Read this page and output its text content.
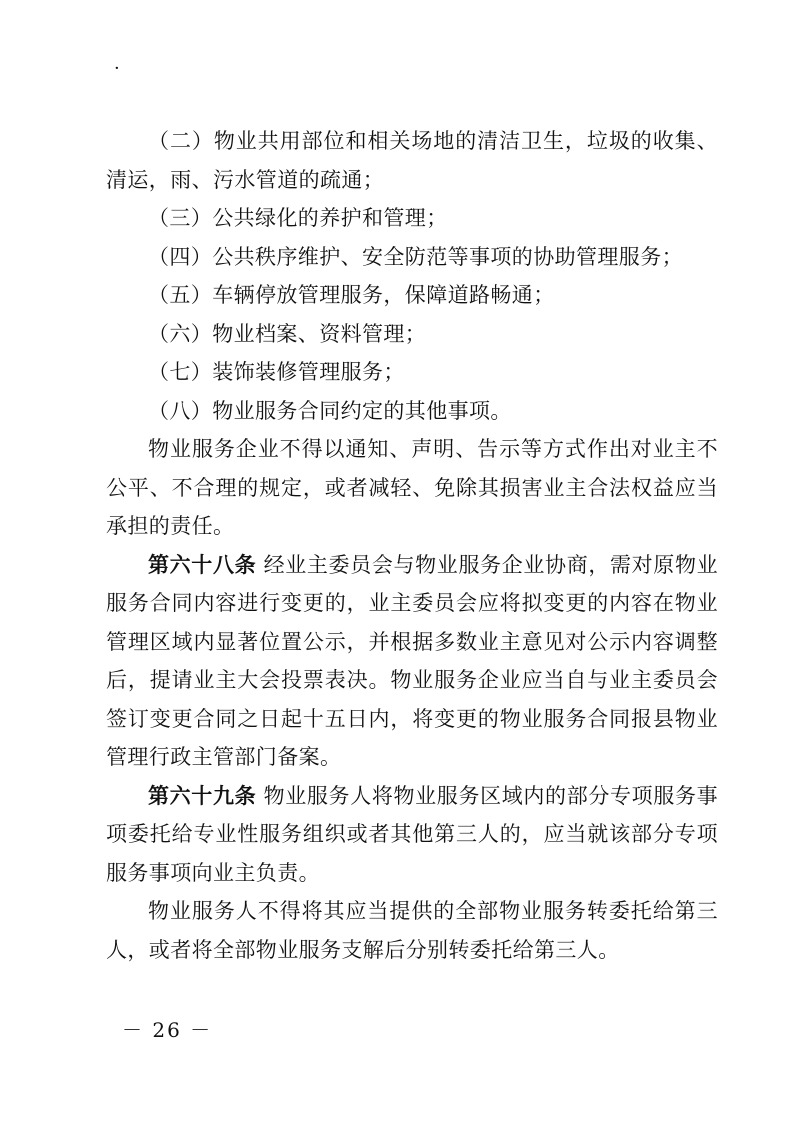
·

（二）物业共用部位和相关场地的清洁卫生，垃圾的收集、清运，雨、污水管道的疏通；

（三）公共绿化的养护和管理；

（四）公共秩序维护、安全防范等事项的协助管理服务；

（五）车辆停放管理服务，保障道路畅通；

（六）物业档案、资料管理；

（七）装饰装修管理服务；

（八）物业服务合同约定的其他事项。

物业服务企业不得以通知、声明、告示等方式作出对业主不公平、不合理的规定，或者减轻、免除其损害业主合法权益应当承担的责任。

第六十八条 经业主委员会与物业服务企业协商，需对原物业服务合同内容进行变更的，业主委员会应将拟变更的内容在物业管理区域内显著位置公示，并根据多数业主意见对公示内容调整后，提请业主大会投票表决。物业服务企业应当自与业主委员会签订变更合同之日起十五日内，将变更的物业服务合同报县物业管理行政主管部门备案。

第六十九条 物业服务人将物业服务区域内的部分专项服务事项委托给专业性服务组织或者其他第三人的，应当就该部分专项服务事项向业主负责。

物业服务人不得将其应当提供的全部物业服务转委托给第三人，或者将全部物业服务支解后分别转委托给第三人。

－ 26 －
